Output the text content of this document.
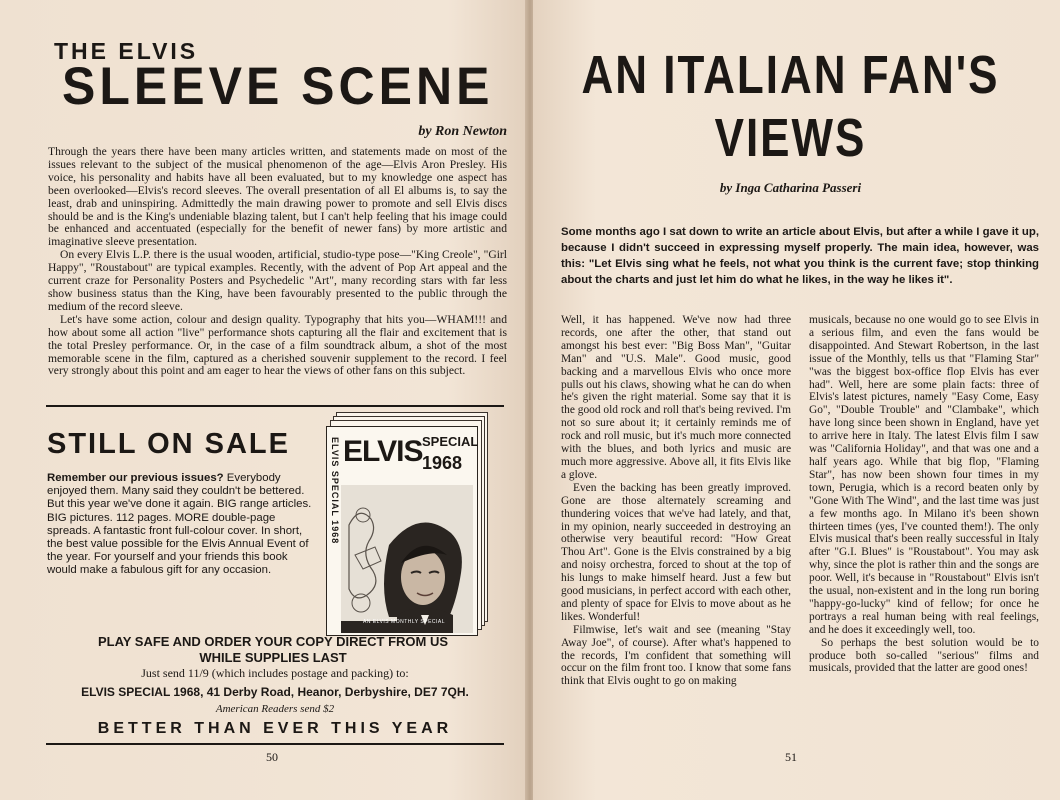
THE ELVIS
SLEEVE SCENE

by Ron Newton

Through the years there have been many articles written, and statements made on most of the issues relevant to the subject of the musical phenomenon of the age—Elvis Aron Presley. His voice, his personality and habits have all been evaluated, but to my knowledge one aspect has been overlooked—Elvis's record sleeves. The overall presentation of all El albums is, to say the least, drab and uninspiring. Admittedly the main drawing power to promote and sell Elvis discs should be and is the King's undeniable blazing talent, but I can't help feeling that his image could be enhanced and accentuated (especially for the benefit of newer fans) by more artistic and imaginative sleeve presentation.

On every Elvis L.P. there is the usual wooden, artificial, studio-type pose—"King Creole", "Girl Happy", "Roustabout" are typical examples. Recently, with the advent of Pop Art appeal and the current craze for Personality Posters and Psychedelic "Art", many recording stars with far less show business status than the King, have been favourably presented to the public through the medium of the record sleeve.

Let's have some action, colour and design quality. Typography that hits you—WHAM!!! and how about some all action "live" performance shots capturing all the flair and excitement that is the total Presley performance. Or, in the case of a film soundtrack album, a shot of the most memorable scene in the film, captured as a cherished souvenir supplement to the record. I feel very strongly about this point and am eager to hear the views of other fans on this subject.

STILL ON SALE

Remember our previous issues? Everybody enjoyed them. Many said they couldn't be bettered. But this year we've done it again. BIG range articles. BIG pictures. 112 pages. MORE double-page spreads. A fantastic front full-colour cover. In short, the best value possible for the Elvis Annual Event of the year. For yourself and your friends this book would make a fabulous gift for any occasion.

ELVIS SPECIAL 1968 ELVIS SPECIAL
1968
AN ELVIS MONTHLY SPECIAL

PLAY SAFE AND ORDER YOUR COPY DIRECT FROM US
WHILE SUPPLIES LAST

Just send 11/9 (which includes postage and packing) to:

ELVIS SPECIAL 1968, 41 Derby Road, Heanor, Derbyshire, DE7 7QH.

American Readers send $2

BETTER THAN EVER THIS YEAR

50

AN ITALIAN FAN'S
VIEWS

by Inga Catharina Passeri

Some months ago I sat down to write an article about Elvis, but after a while I gave it up, because I didn't succeed in expressing myself properly. The main idea, however, was this: "Let Elvis sing what he feels, not what you think is the current fave; stop thinking about the charts and just let him do what he likes, in the way he likes it".

Well, it has happened. We've now had three records, one after the other, that stand out amongst his best ever: "Big Boss Man", "Guitar Man" and "U.S. Male". Good music, good backing and a marvellous Elvis who once more pulls out his claws, showing what he can do when he's given the right material. Some say that it is the good old rock and roll that's being revived. I'm not so sure about it; it certainly reminds me of rock and roll music, but it's much more connected with the blues, and both lyrics and music are much more aggressive. Above all, it fits Elvis like a glove.

Even the backing has been greatly improved. Gone are those alternately screaming and thundering voices that we've had lately, and that, in my opinion, nearly succeeded in destroying an otherwise very beautiful record: "How Great Thou Art". Gone is the Elvis constrained by a big and noisy orchestra, forced to shout at the top of his lungs to make himself heard. Just a few but good musicians, in perfect accord with each other, and plenty of space for Elvis to move about as he likes. Wonderful!

Filmwise, let's wait and see (meaning "Stay Away Joe", of course). After what's happened to the records, I'm confident that something will occur on the film front too. I know that some fans think that Elvis ought to go on making

musicals, because no one would go to see Elvis in a serious film, and even the fans would be disappointed. And Stewart Robertson, in the last issue of the Monthly, tells us that "Flaming Star" "was the biggest box-office flop Elvis has ever had". Well, here are some plain facts: three of Elvis's latest pictures, namely "Easy Come, Easy Go", "Double Trouble" and "Clambake", which have long since been shown in England, have yet to arrive here in Italy. The latest Elvis film I saw was "California Holiday", and that was one and a half years ago. While that big flop, "Flaming Star", has now been shown four times in my town, Perugia, which is a record beaten only by "Gone With The Wind", and the last time was just a few months ago. In Milano it's been shown thirteen times (yes, I've counted them!). The only Elvis musical that's been really successful in Italy after "G.I. Blues" is "Roustabout". You may ask why, since the plot is rather thin and the songs are poor. Well, it's because in "Roustabout" Elvis isn't the usual, non-existent and in the long run boring "happy-go-lucky" kind of fellow; for once he portrays a real human being with real feelings, and he does it exceedingly well, too.

So perhaps the best solution would be to produce both so-called "serious" films and musicals, provided that the latter are good ones!

51
